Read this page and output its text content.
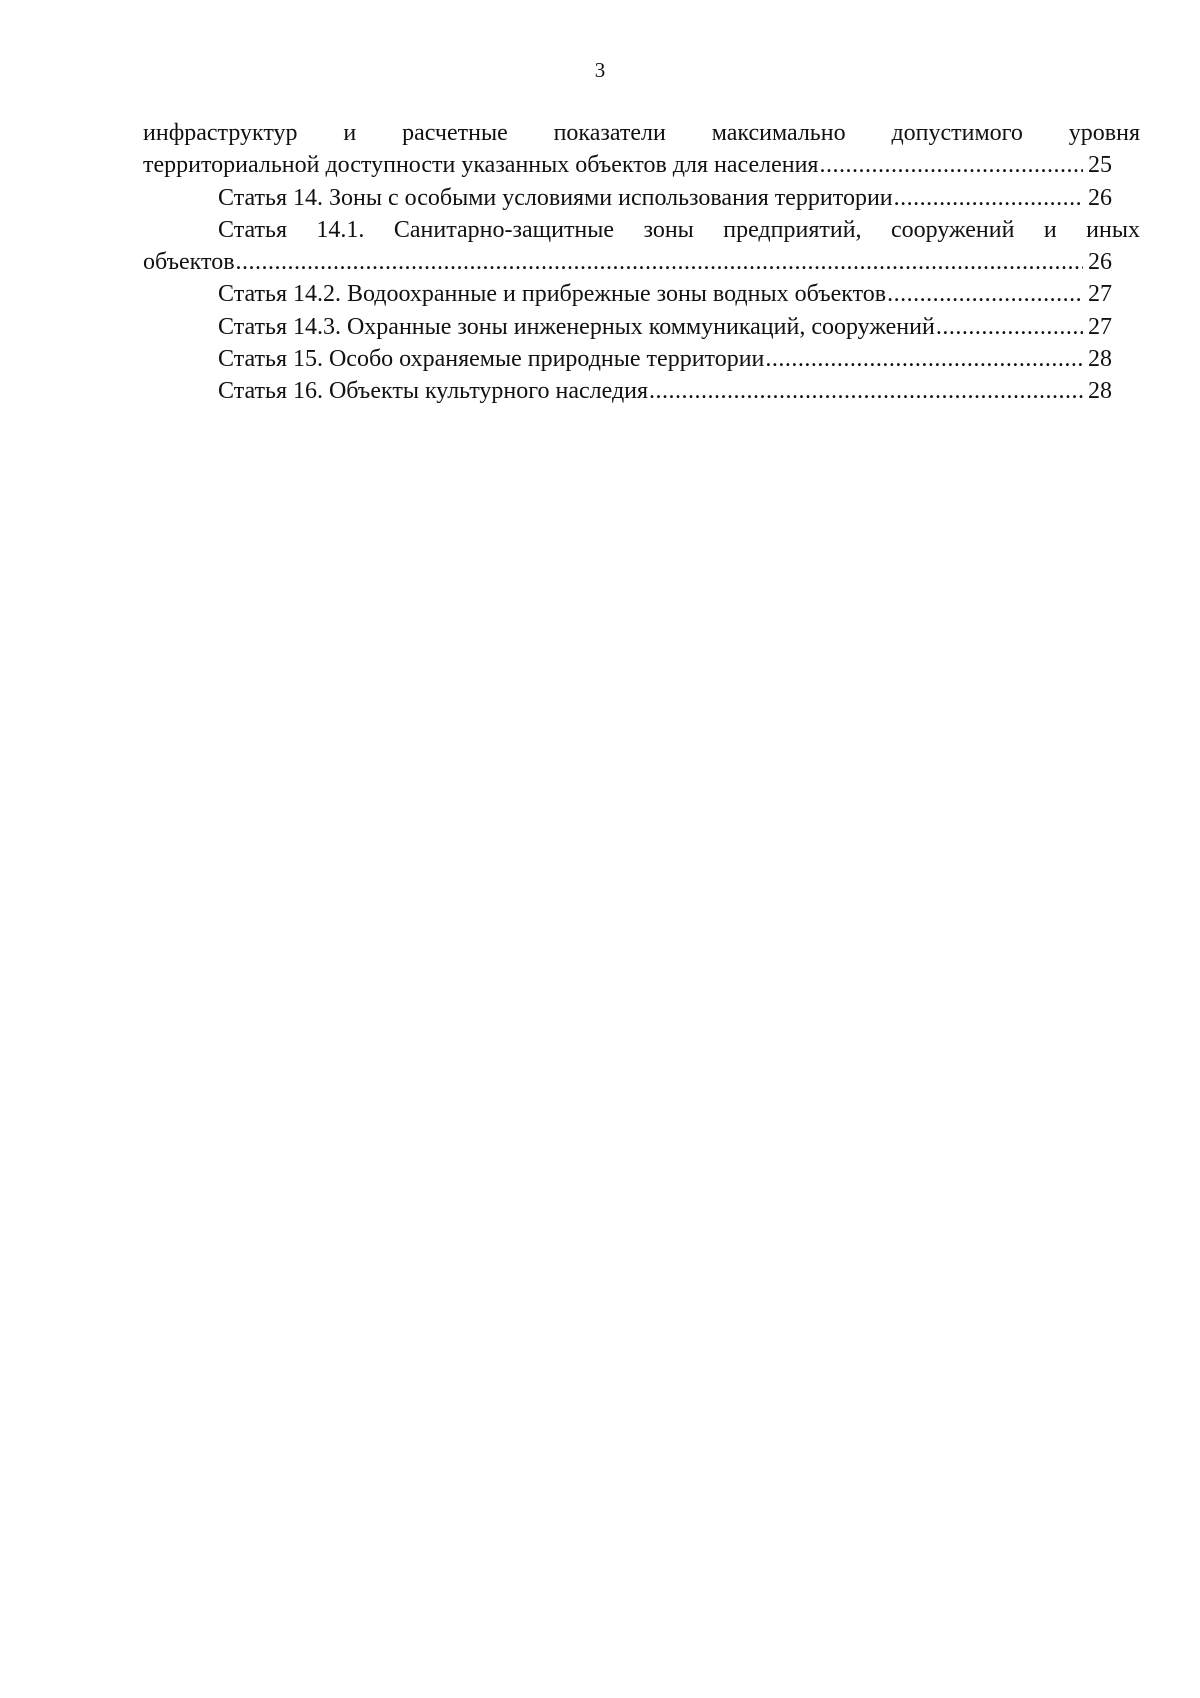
3
инфраструктур и расчетные показатели максимально допустимого уровня
территориальной доступности указанных объектов для населения .....	25
Статья 14. Зоны с особыми условиями использования территории .....	26
Статья 14.1. Санитарно-защитные зоны предприятий, сооружений и иных
объектов .....	26
Статья 14.2. Водоохранные и прибрежные зоны водных объектов .....	27
Статья 14.3. Охранные зоны инженерных коммуникаций, сооружений .....	27
Статья 15. Особо охраняемые природные территории .....	28
Статья 16. Объекты культурного наследия .....	28
